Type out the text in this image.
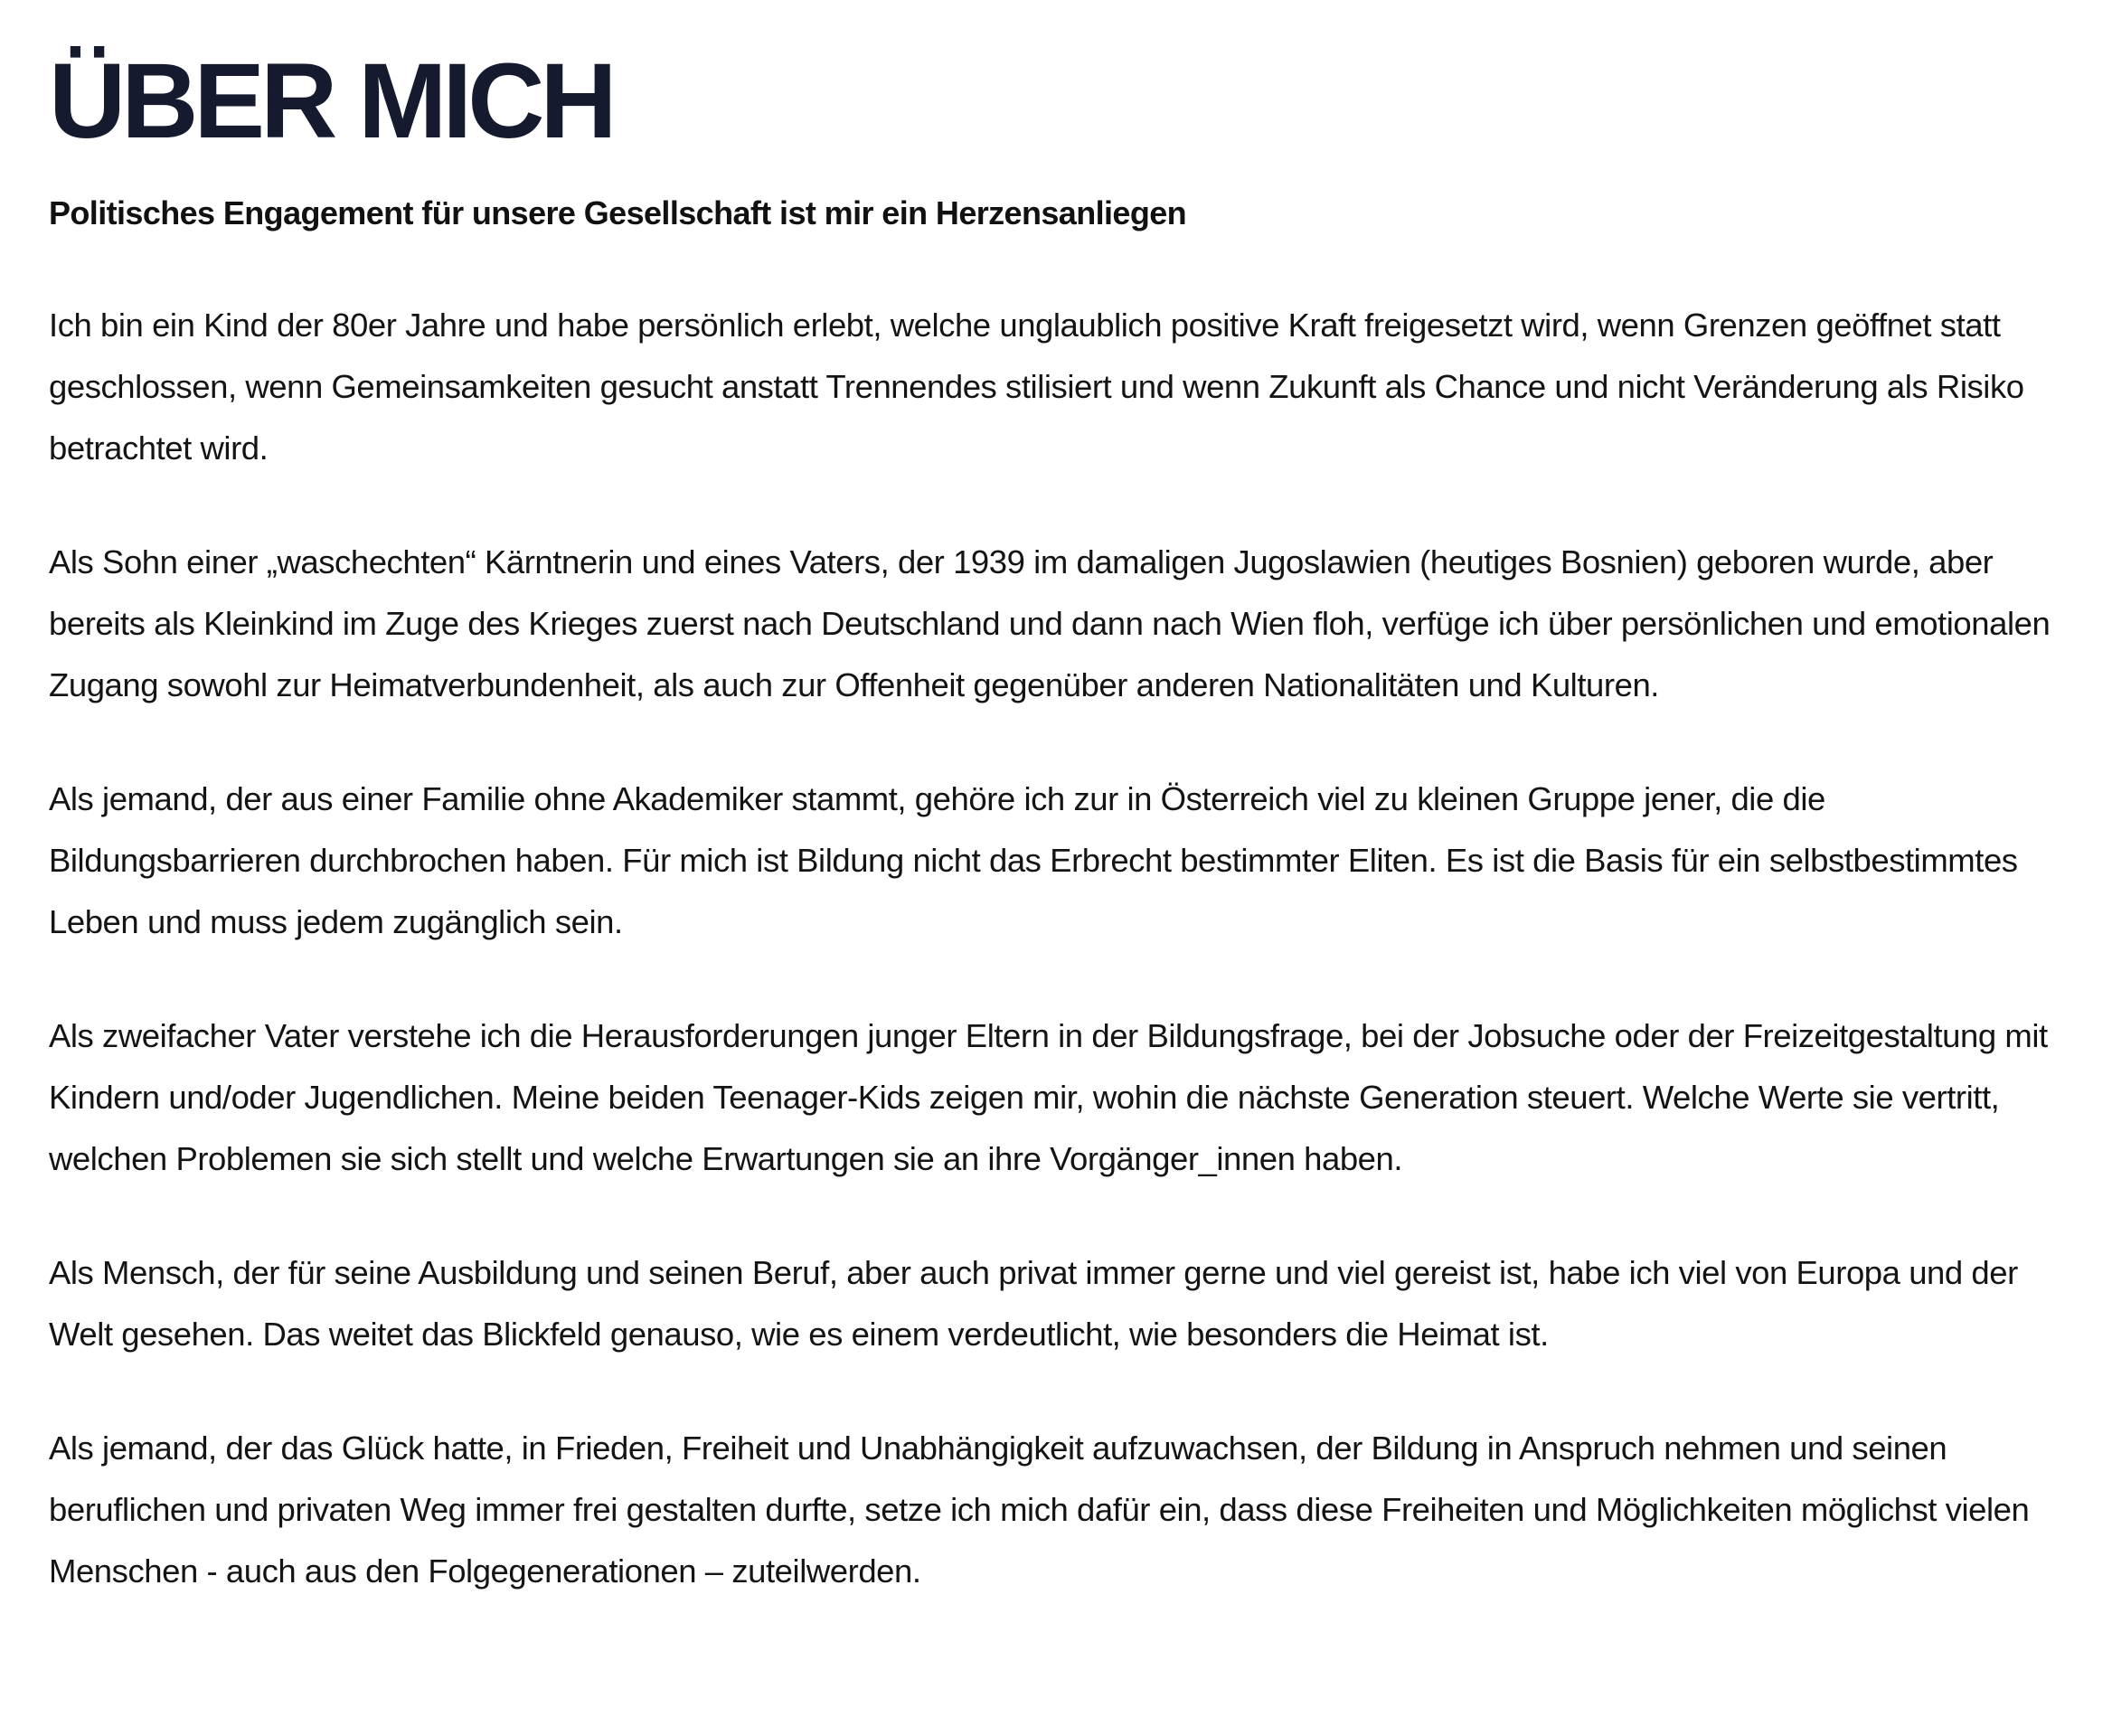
ÜBER MICH
Politisches Engagement für unsere Gesellschaft ist mir ein Herzensanliegen

Ich bin ein Kind der 80er Jahre und habe persönlich erlebt, welche unglaublich positive Kraft freigesetzt wird, wenn Grenzen geöffnet statt geschlossen, wenn Gemeinsamkeiten gesucht anstatt Trennendes stilisiert und wenn Zukunft als Chance und nicht Veränderung als Risiko betrachtet wird.

Als Sohn einer „waschechten“ Kärntnerin und eines Vaters, der 1939 im damaligen Jugoslawien (heutiges Bosnien) geboren wurde, aber bereits als Kleinkind im Zuge des Krieges zuerst nach Deutschland und dann nach Wien floh, verfüge ich über persönlichen und emotionalen Zugang sowohl zur Heimatverbundenheit, als auch zur Offenheit gegenüber anderen Nationalitäten und Kulturen.

Als jemand, der aus einer Familie ohne Akademiker stammt, gehöre ich zur in Österreich viel zu kleinen Gruppe jener, die die Bildungsbarrieren durchbrochen haben. Für mich ist Bildung nicht das Erbrecht bestimmter Eliten. Es ist die Basis für ein selbstbestimmtes Leben und muss jedem zugänglich sein.

Als zweifacher Vater verstehe ich die Herausforderungen junger Eltern in der Bildungsfrage, bei der Jobsuche oder der Freizeitgestaltung mit Kindern und/oder Jugendlichen. Meine beiden Teenager-Kids zeigen mir, wohin die nächste Generation steuert. Welche Werte sie vertritt, welchen Problemen sie sich stellt und welche Erwartungen sie an ihre Vorgänger_innen haben.

Als Mensch, der für seine Ausbildung und seinen Beruf, aber auch privat immer gerne und viel gereist ist, habe ich viel von Europa und der Welt gesehen. Das weitet das Blickfeld genauso, wie es einem verdeutlicht, wie besonders die Heimat ist.

Als jemand, der das Glück hatte, in Frieden, Freiheit und Unabhängigkeit aufzuwachsen, der Bildung in Anspruch nehmen und seinen beruflichen und privaten Weg immer frei gestalten durfte, setze ich mich dafür ein, dass diese Freiheiten und Möglichkeiten möglichst vielen Menschen - auch aus den Folgegenerationen – zuteilwerden.
